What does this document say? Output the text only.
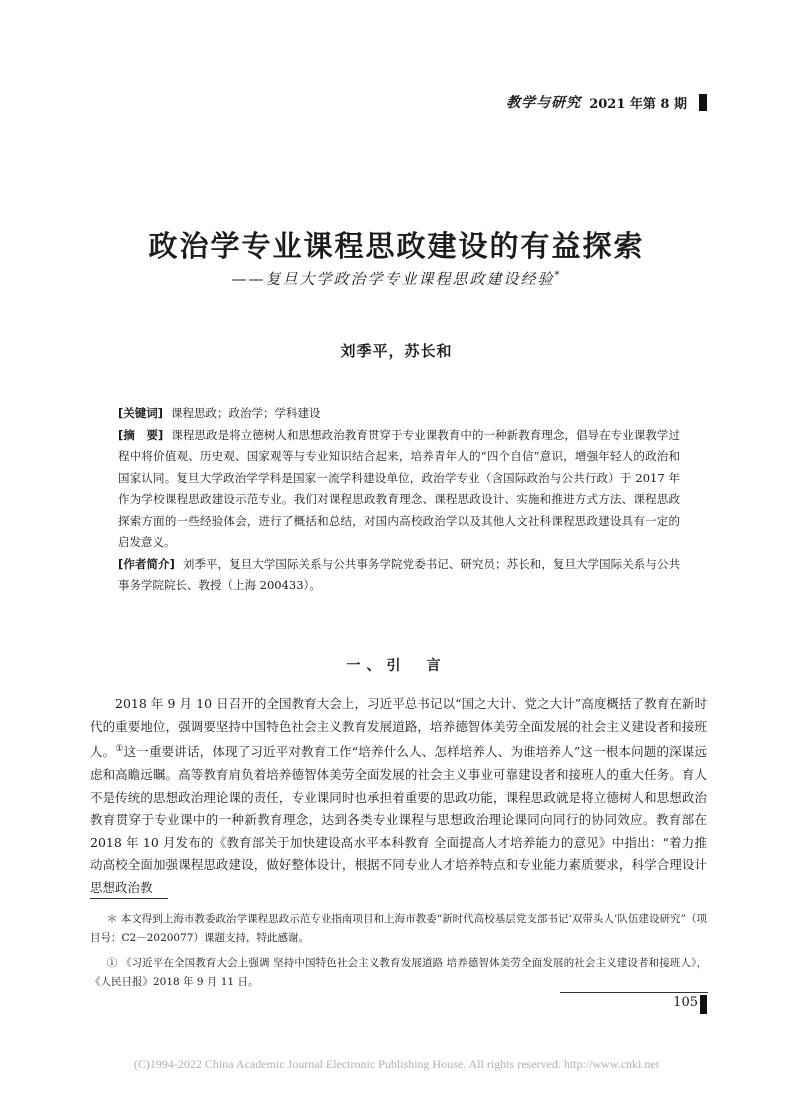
教学与研究 2021 年第 8 期
政治学专业课程思政建设的有益探索
——复旦大学政治学专业课程思政建设经验*
刘季平，苏长和

[关键词] 课程思政；政治学；学科建设

[摘　要] 课程思政是将立德树人和思想政治教育贯穿于专业课教育中的一种新教育理念，倡导在专业课教学过程中将价值观、历史观、国家观等与专业知识结合起来，培养青年人的“四个自信”意识，增强年轻人的政治和国家认同。复旦大学政治学学科是国家一流学科建设单位，政治学专业（含国际政治与公共行政）于 2017 年作为学校课程思政建设示范专业。我们对课程思政教育理念、课程思政设计、实施和推进方式方法、课程思政探索方面的一些经验体会，进行了概括和总结，对国内高校政治学以及其他人文社科课程思政建设具有一定的启发意义。

[作者简介] 刘季平，复旦大学国际关系与公共事务学院党委书记、研究员；苏长和，复旦大学国际关系与公共事务学院院长、教授（上海 200433）。

一、引　言

2018 年 9 月 10 日召开的全国教育大会上，习近平总书记以“国之大计、党之大计”高度概括了教育在新时代的重要地位，强调要坚持中国特色社会主义教育发展道路，培养德智体美劳全面发展的社会主义建设者和接班人。①这一重要讲话，体现了习近平对教育工作“培养什么人、怎样培养人、为谁培养人”这一根本问题的深谋远虑和高瞻远瞩。高等教育肩负着培养德智体美劳全面发展的社会主义事业可靠建设者和接班人的重大任务。育人不是传统的思想政治理论课的责任，专业课同时也承担着重要的思政功能，课程思政就是将立德树人和思想政治教育贯穿于专业课中的一种新教育理念，达到各类专业课程与思想政治理论课同向同行的协同效应。教育部在 2018 年 10 月发布的《教育部关于加快建设高水平本科教育 全面提高人才培养能力的意见》中指出：“着力推动高校全面加强课程思政建设，做好整体设计，根据不同专业人才培养特点和专业能力素质要求，科学合理设计思想政治教

＊ 本文得到上海市教委政治学课程思政示范专业指南项目和上海市教委“新时代高校基层党支部书记‘双带头人’队伍建设研究”（项目号：C2－2020077）课题支持，特此感谢。

① 《习近平在全国教育大会上强调 坚持中国特色社会主义教育发展道路 培养德智体美劳全面发展的社会主义建设者和接班人》，《人民日报》2018 年 9 月 11 日。

105
(C)1994-2022 China Academic Journal Electronic Publishing House. All rights reserved. http://www.cnki.net
